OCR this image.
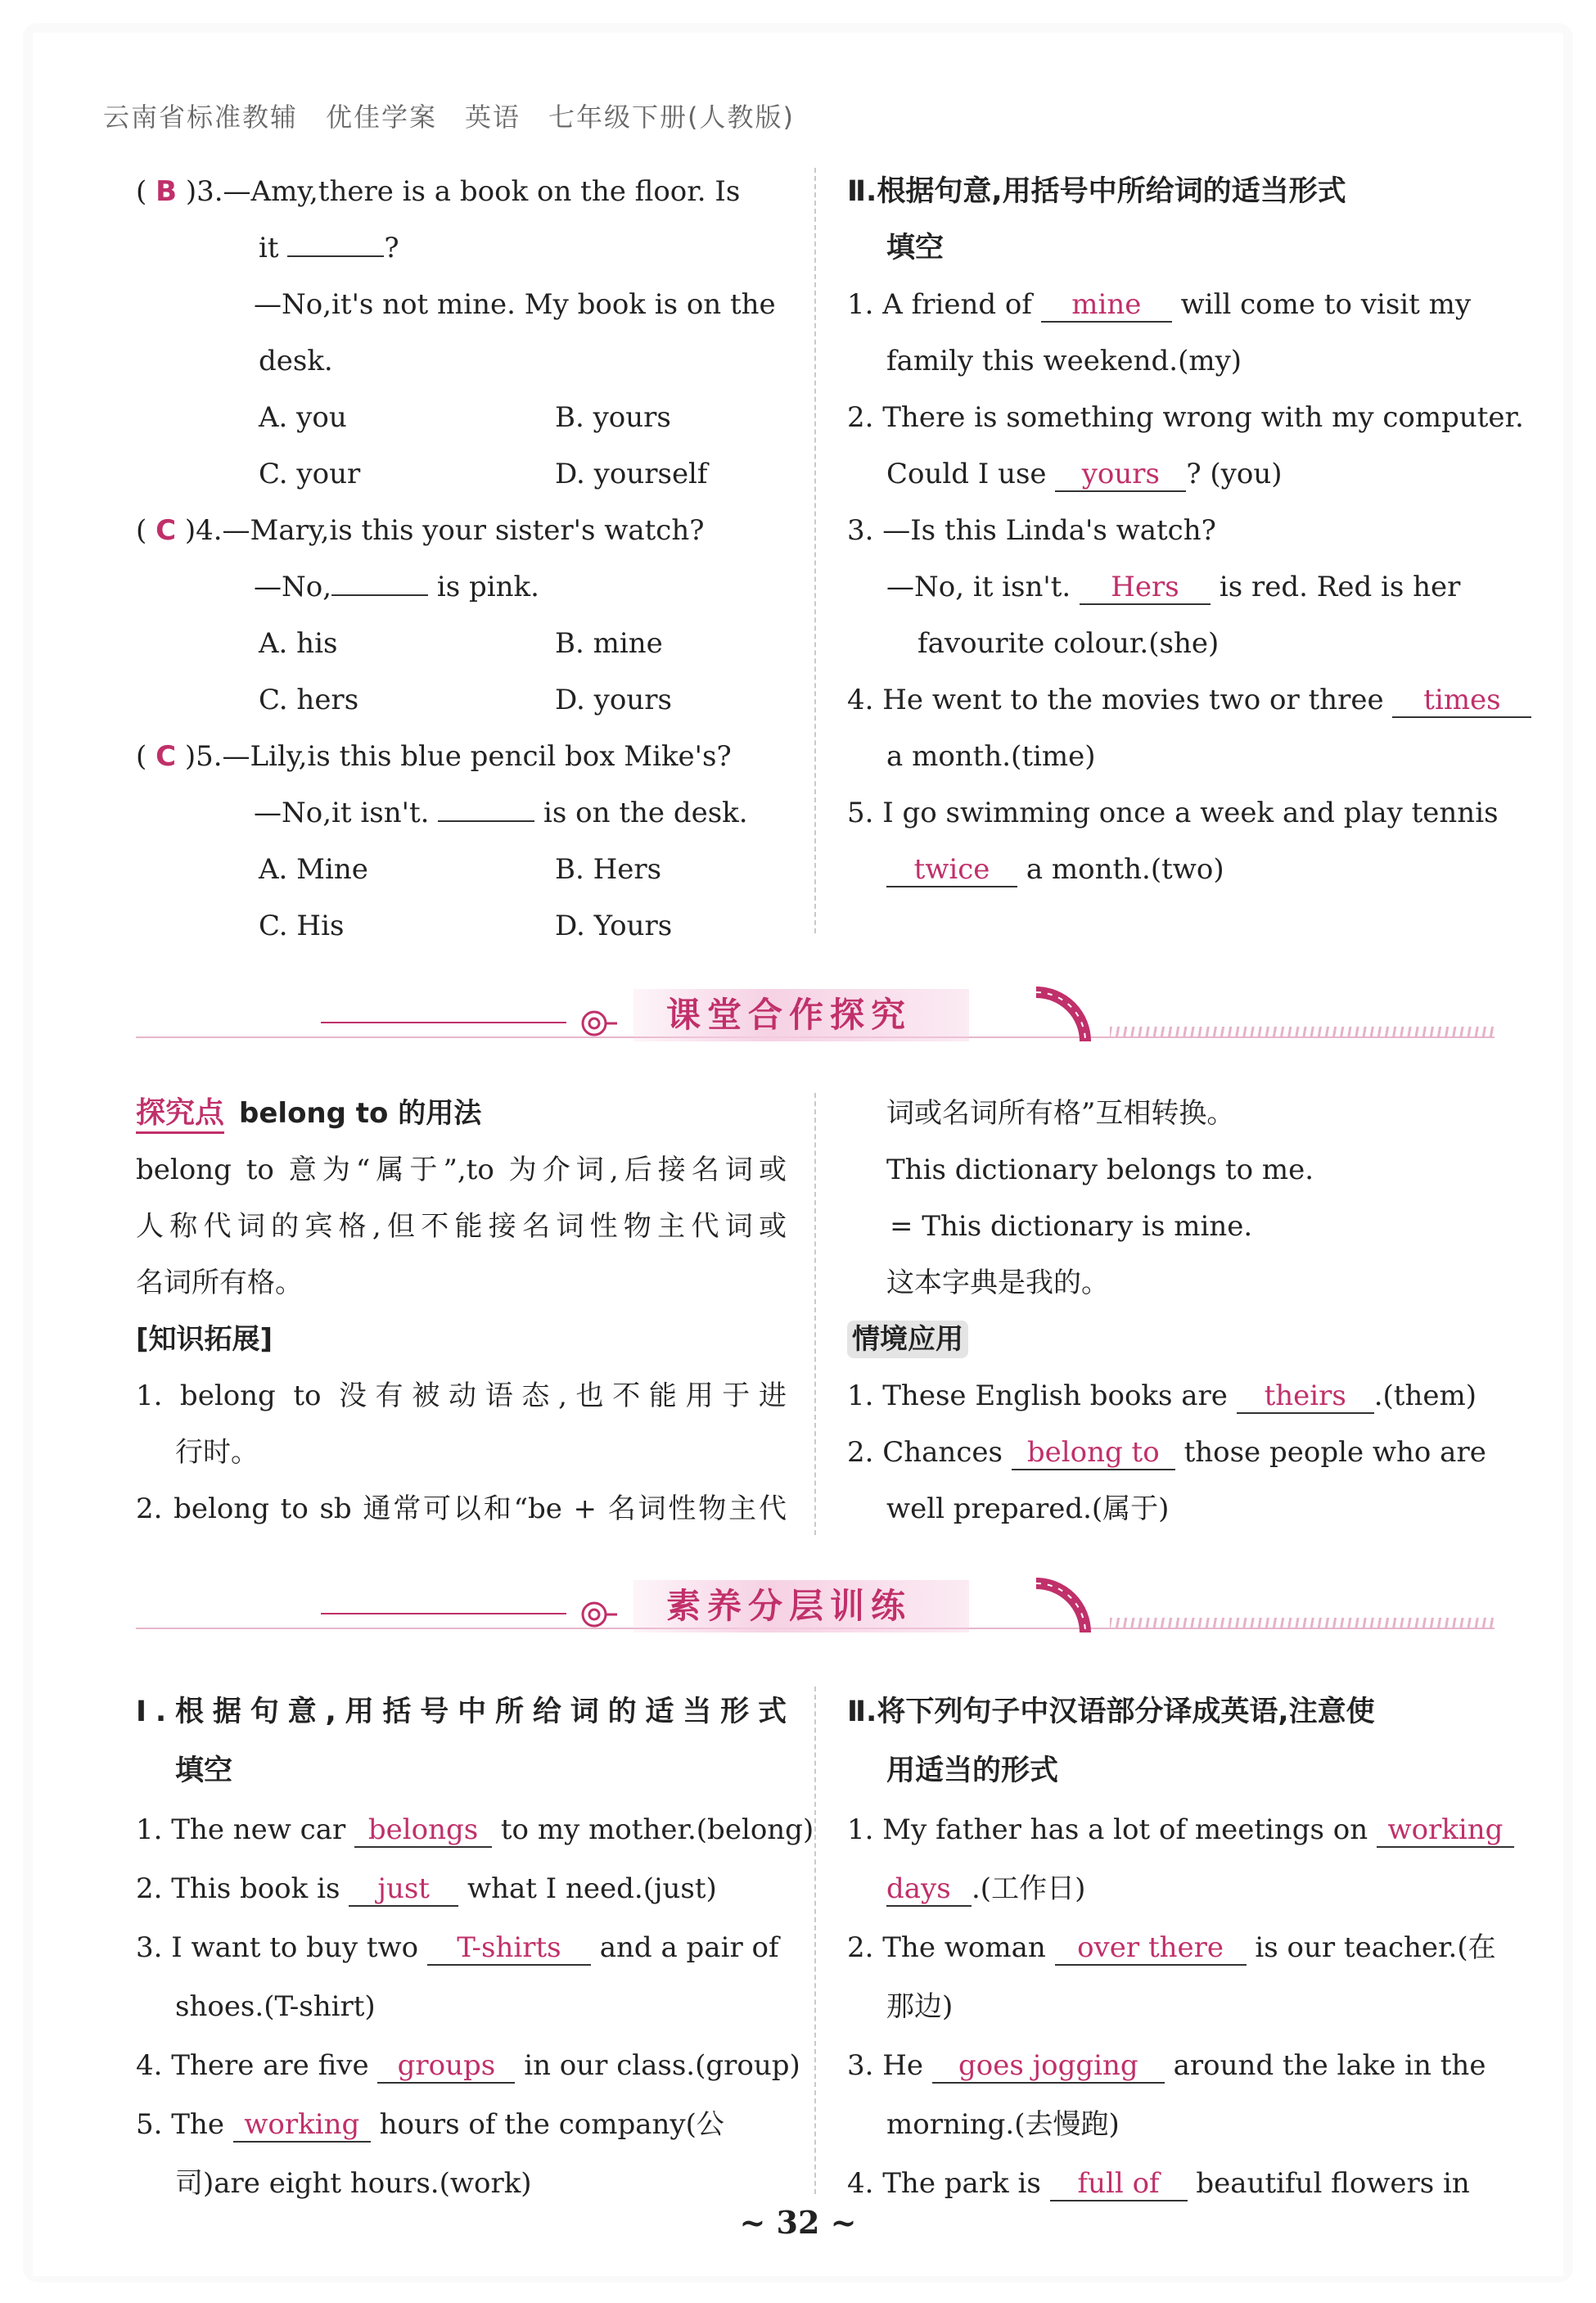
云南省标准教辅　优佳学案　英语　七年级下册(人教版)
( B )3.—Amy,there is a book on the floor. Is
it	?
—No,it's not mine. My book is on the
desk.
A. you	B. yours
C. your	D. yourself
( C )4.—Mary,is this your sister's watch?
—No,	is pink.
A. his	B. mine
C. hers	D. yours
( C )5.—Lily,is this blue pencil box Mike's?
—No,it isn't.	is on the desk.
A. Mine	B. Hers
C. His	D. Yours
Ⅱ.根据句意,用括号中所给词的适当形式
填空
1. A friend of mine will come to visit my
family this weekend.(my)
2. There is something wrong with my computer.
Could I use yours ? (you)
3. —Is this Linda's watch?
—No, it isn't. Hers is red. Red is her
favourite colour.(she)
4. He went to the movies two or three times
a month.(time)
5. I go swimming once a week and play tennis
twice a month.(two)
课堂合作探究
探究点 belong to 的用法
belong to 意为“属于”,to 为介词,后接名词或
人称代词的宾格,但不能接名词性物主代词或
名词所有格。
[知识拓展]
1. belong to 没有被动语态,也不能用于进
行时。
2. belong to sb 通常可以和“be + 名词性物主代
词或名词所有格”互相转换。
This dictionary belongs to me.
= This dictionary is mine.
这本字典是我的。
情境应用
1. These English books are theirs .(them)
2. Chances belong to those people who are
well prepared.(属于)
素养分层训练
Ⅰ.根据句意,用括号中所给词的适当形式
填空
1. The new car belongs to my mother.(belong)
2. This book is just what I need.(just)
3. I want to buy two T-shirts and a pair of
shoes.(T-shirt)
4. There are five groups in our class.(group)
5. The working hours of the company(公
司)are eight hours.(work)
Ⅱ.将下列句子中汉语部分译成英语,注意使
用适当的形式
1. My father has a lot of meetings on working
days .(工作日)
2. The woman over there is our teacher.(在
那边)
3. He goes jogging around the lake in the
morning.(去慢跑)
4. The park is full of beautiful flowers in
~ 32 ~
